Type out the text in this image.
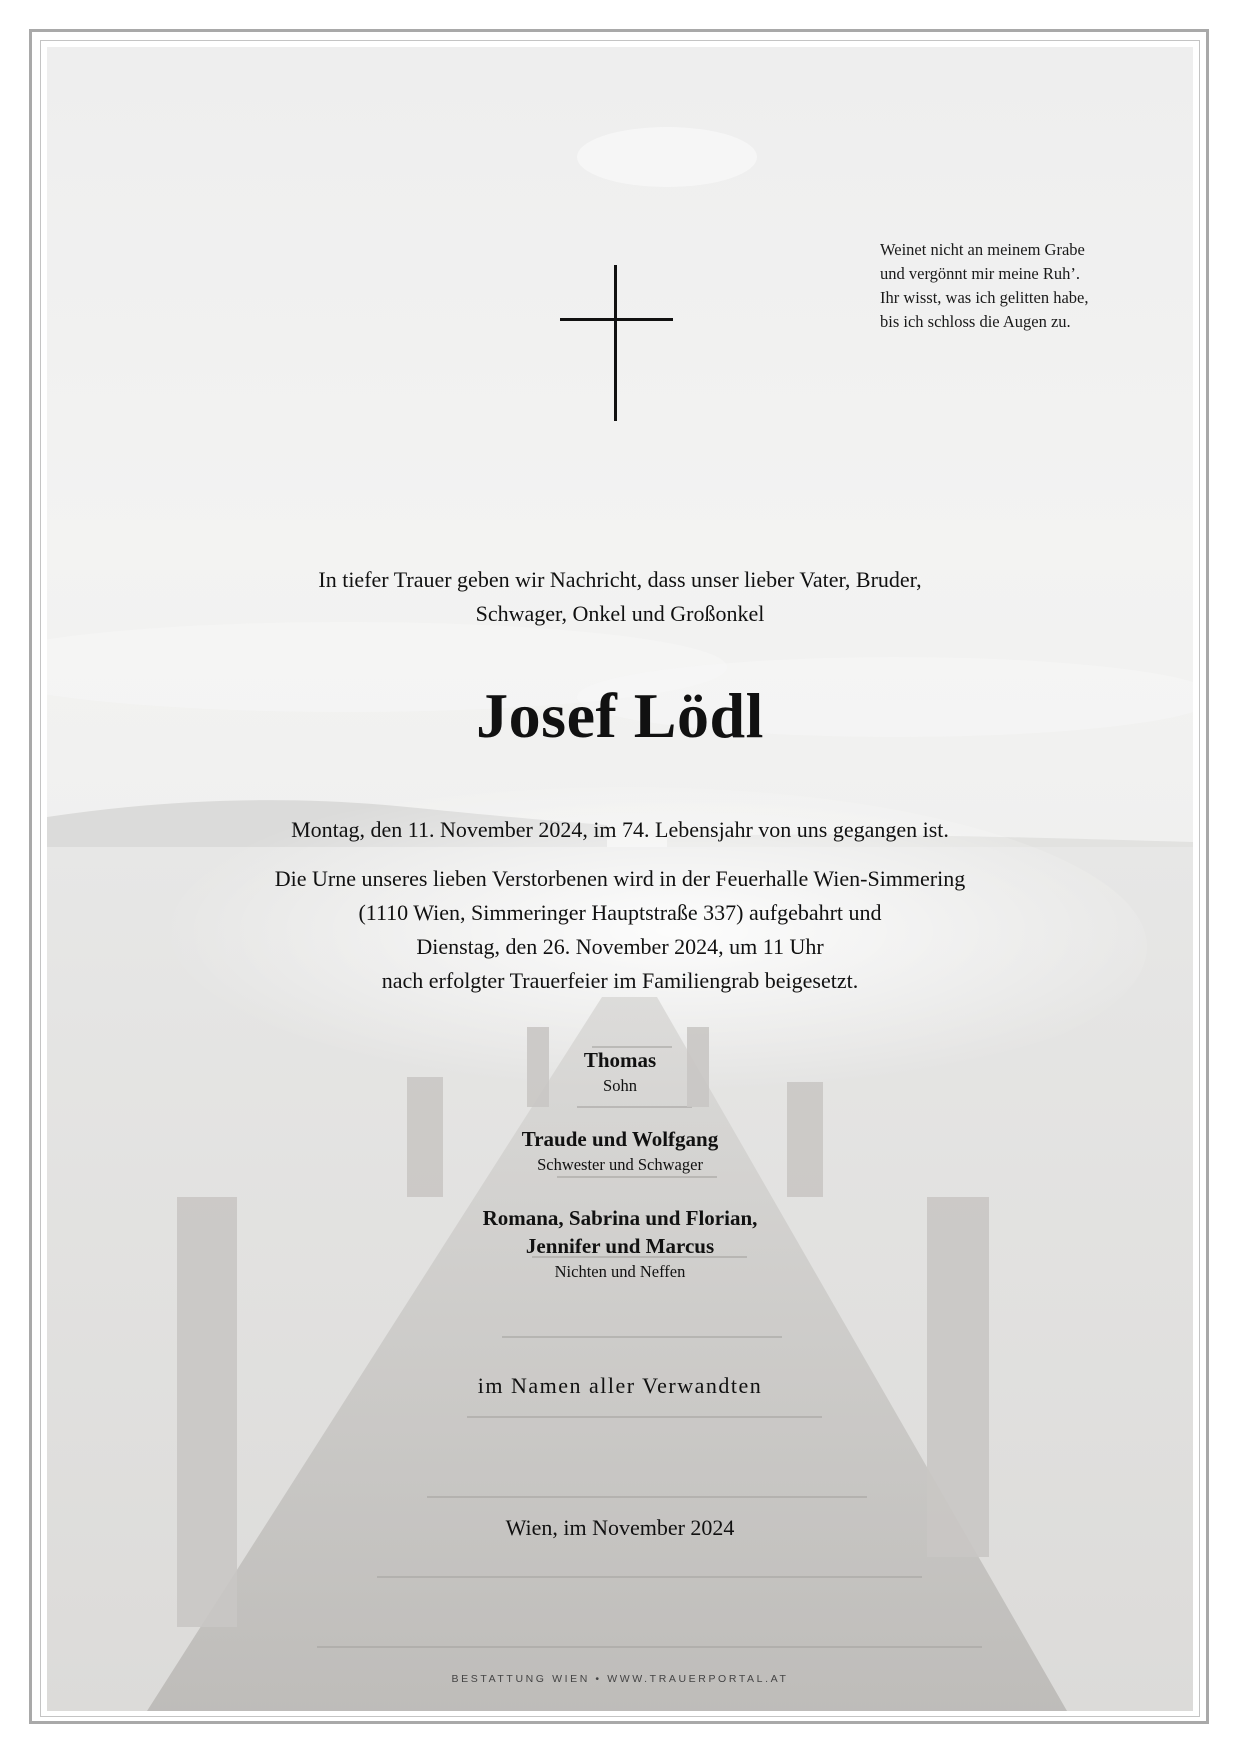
Weinet nicht an meinem Grabe
und vergönnt mir meine Ruh’.
Ihr wisst, was ich gelitten habe,
bis ich schloss die Augen zu.
In tiefer Trauer geben wir Nachricht, dass unser lieber Vater, Bruder,
Schwager, Onkel und Großonkel
Josef Lödl
Montag, den 11. November 2024, im 74. Lebensjahr von uns gegangen ist.
Die Urne unseres lieben Verstorbenen wird in der Feuerhalle Wien-Simmering
(1110 Wien, Simmeringer Hauptstraße 337) aufgebahrt und
Dienstag, den 26. November 2024, um 11 Uhr
nach erfolgter Trauerfeier im Familiengrab beigesetzt.
Thomas
Sohn
Traude und Wolfgang
Schwester und Schwager
Romana, Sabrina und Florian,
Jennifer und Marcus
Nichten und Neffen
im Namen aller Verwandten
Wien, im November 2024
BESTATTUNG WIEN • WWW.TRAUERPORTAL.AT
